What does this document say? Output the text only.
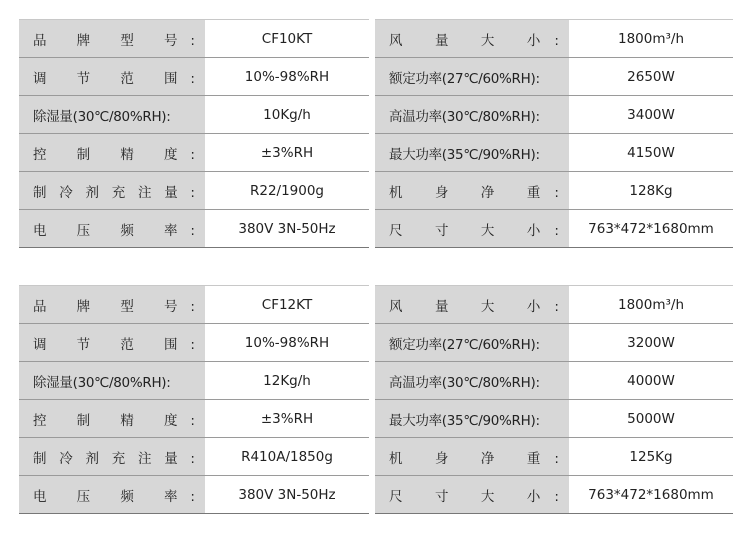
品 牌 型 号:	CF10KT		风 量 大 小:	1800m³/h
调 节 范 围:	10%-98%RH		额定功率(27℃/60%RH):	2650W
除湿量(30℃/80%RH):	10Kg/h		高温功率(30℃/80%RH):	3400W
控 制 精 度:	±3%RH		最大功率(35℃/90%RH):	4150W
制冷剂充注量:	R22/1900g		机 身 净 重:	128Kg
电 压 频 率:	380V 3N-50Hz		尺 寸 大 小:	763*472*1680mm
品 牌 型 号:	CF12KT		风 量 大 小:	1800m³/h
调 节 范 围:	10%-98%RH		额定功率(27℃/60%RH):	3200W
除湿量(30℃/80%RH):	12Kg/h		高温功率(30℃/80%RH):	4000W
控 制 精 度:	±3%RH		最大功率(35℃/90%RH):	5000W
制冷剂充注量:	R410A/1850g		机 身 净 重:	125Kg
电 压 频 率:	380V 3N-50Hz		尺 寸 大 小:	763*472*1680mm
